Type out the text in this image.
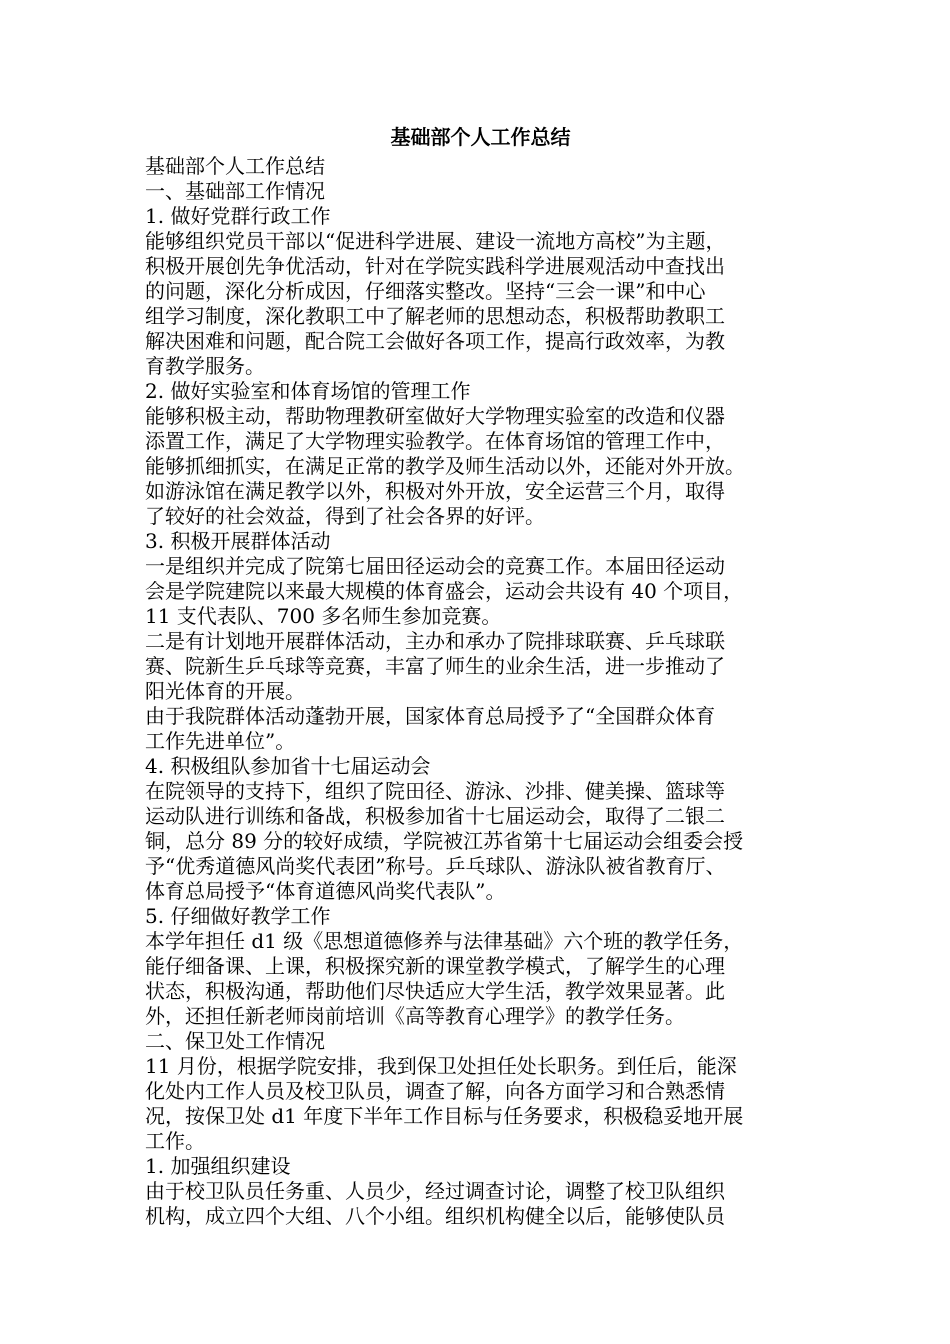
基础部个人工作总结

基础部个人工作总结

一、基础部工作情况

1. 做好党群行政工作

能够组织党员干部以“促进科学进展、建设一流地方高校”为主题，

积极开展创先争优活动，针对在学院实践科学进展观活动中查找出

的问题，深化分析成因，仔细落实整改。坚持“三会一课”和中心

组学习制度，深化教职工中了解老师的思想动态，积极帮助教职工

解决困难和问题，配合院工会做好各项工作，提高行政效率，为教

育教学服务。

2. 做好实验室和体育场馆的管理工作

能够积极主动，帮助物理教研室做好大学物理实验室的改造和仪器

添置工作，满足了大学物理实验教学。在体育场馆的管理工作中，

能够抓细抓实，在满足正常的教学及师生活动以外，还能对外开放。

如游泳馆在满足教学以外，积极对外开放，安全运营三个月，取得

了较好的社会效益，得到了社会各界的好评。

3. 积极开展群体活动

一是组织并完成了院第七届田径运动会的竞赛工作。本届田径运动

会是学院建院以来最大规模的体育盛会，运动会共设有 40 个项目，

11 支代表队、700 多名师生参加竞赛。

二是有计划地开展群体活动，主办和承办了院排球联赛、乒乓球联

赛、院新生乒乓球等竞赛，丰富了师生的业余生活，进一步推动了

阳光体育的开展。

由于我院群体活动蓬勃开展，国家体育总局授予了“全国群众体育

工作先进单位”。

4. 积极组队参加省十七届运动会

在院领导的支持下，组织了院田径、游泳、沙排、健美操、篮球等

运动队进行训练和备战，积极参加省十七届运动会，取得了二银二

铜，总分 89 分的较好成绩，学院被江苏省第十七届运动会组委会授

予“优秀道德风尚奖代表团”称号。乒乓球队、游泳队被省教育厅、

体育总局授予“体育道德风尚奖代表队”。

5. 仔细做好教学工作

本学年担任 d1 级《思想道德修养与法律基础》六个班的教学任务，

能仔细备课、上课，积极探究新的课堂教学模式，了解学生的心理

状态，积极沟通，帮助他们尽快适应大学生活，教学效果显著。此

外，还担任新老师岗前培训《高等教育心理学》的教学任务。

二、保卫处工作情况

11 月份，根据学院安排，我到保卫处担任处长职务。到任后，能深

化处内工作人员及校卫队员，调查了解，向各方面学习和合熟悉情

况，按保卫处 d1 年度下半年工作目标与任务要求，积极稳妥地开展

工作。

1. 加强组织建设

由于校卫队员任务重、人员少，经过调查讨论，调整了校卫队组织

机构，成立四个大组、八个小组。组织机构健全以后，能够使队员
